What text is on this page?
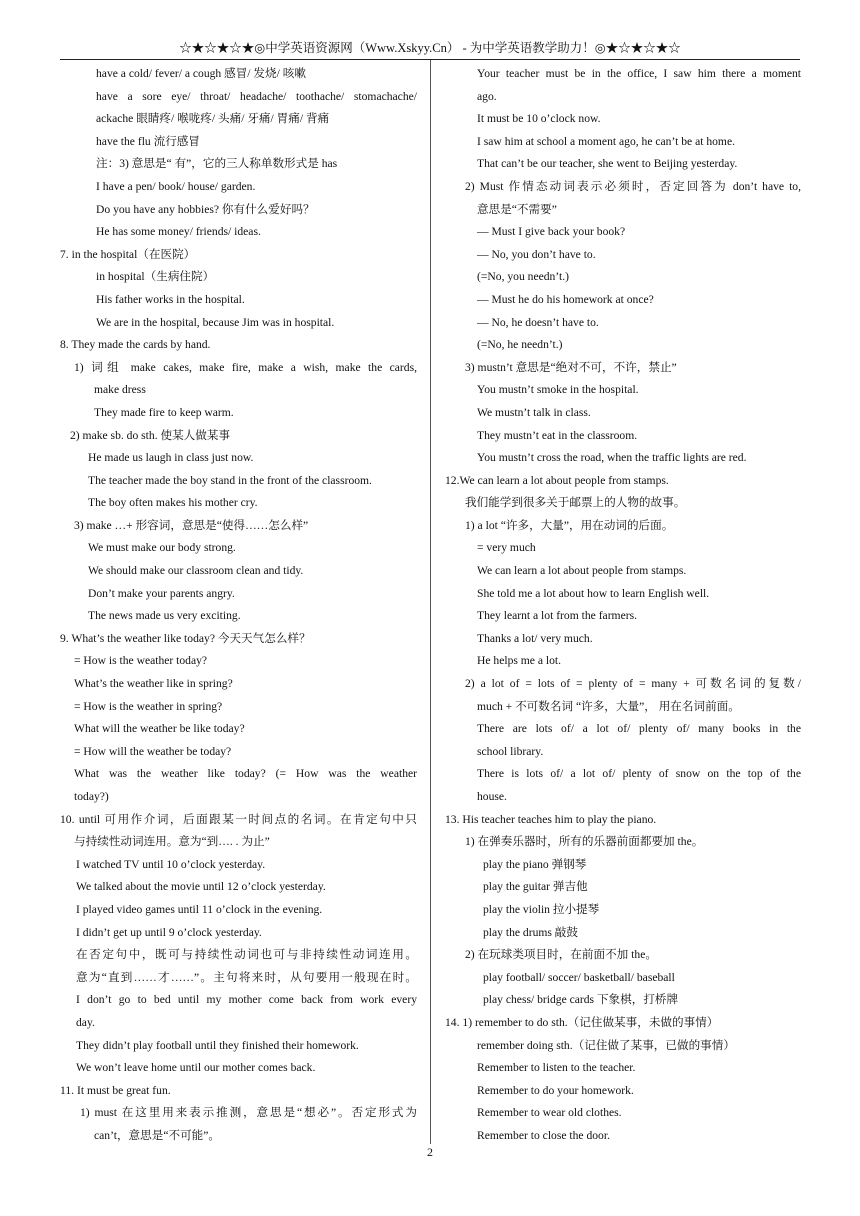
☆★☆★☆★◎中学英语资源网（Www.Xskyy.Cn） - 为中学英语教学助力！◎★☆★☆★☆
have a cold/ fever/ a cough 感冒/ 发烧/ 咳嗽
have a sore eye/ throat/ headache/ toothache/ stomachache/
ackache 眼睛疼/ 喉咙疼/ 头痛/ 牙痛/ 胃痛/ 背痛
have the flu 流行感冒
注：3) 意思是“ 有”，它的三人称单数形式是 has
I have a pen/ book/ house/ garden.
Do you have any hobbies? 你有什么爱好吗？
He has some money/ friends/ ideas.
7. in the hospital（在医院）
in hospital（生病住院）
His father works in the hospital.
We are in the hospital, because Jim was in hospital.
8. They made the cards by hand.
1) 词组 make cakes, make fire, make a wish, make the cards,
make dress
They made fire to keep warm.
2) make sb. do sth. 使某人做某事
He made us laugh in class just now.
The teacher made the boy stand in the front of the classroom.
The boy often makes his mother cry.
3) make …+ 形容词，意思是“使得……怎么样”
We must make our body strong.
We should make our classroom clean and tidy.
Don’t make your parents angry.
The news made us very exciting.
9. What’s the weather like today? 今天天气怎么样？
= How is the weather today?
What’s the weather like in spring?
= How is the weather in spring?
What will the weather be like today?
= How will the weather be today?
What was the weather like today? (= How was the weather
today?)
10. until 可用作介词，后面跟某一时间点的名词。在肯定句中只
与持续性动词连用。意为“到…. . 为止”
I watched TV until 10 o’clock yesterday.
We talked about the movie until 12 o’clock yesterday.
I played video games until 11 o’clock in the evening.
I didn’t get up until 9 o’clock yesterday.
在否定句中，既可与持续性动词也可与非持续性动词连用。
意为“直到……才……”。主句将来时，从句要用一般现在时。
I don’t go to bed until my mother come back from work every
day.
They didn’t play football until they finished their homework.
We won’t leave home until our mother comes back.
11. It must be great fun.
1) must 在这里用来表示推测，意思是“想必”。否定形式为
can’t，意思是“不可能”。
Your teacher must be in the office, I saw him there a moment
ago.
It must be 10 o’clock now.
I saw him at school a moment ago, he can’t be at home.
That can’t be our teacher, she went to Beijing yesterday.
2) Must 作情态动词表示必须时，否定回答为 don’t have to,
意思是“不需要”
— Must I give back your book?
— No, you don’t have to.
(=No, you needn’t.)
— Must he do his homework at once?
— No, he doesn’t have to.
(=No, he needn’t.)
3) mustn’t 意思是“绝对不可，不许，禁止”
You mustn’t smoke in the hospital.
We mustn’t talk in class.
They mustn’t eat in the classroom.
You mustn’t cross the road, when the traffic lights are red.
12.We can learn a lot about people from stamps.
我们能学到很多关于邮票上的人物的故事。
1) a lot “许多，大量”，用在动词的后面。
= very much
We can learn a lot about people from stamps.
She told me a lot about how to learn English well.
They learnt a lot from the farmers.
Thanks a lot/ very much.
He helps me a lot.
2) a lot of = lots of = plenty of = many + 可数名词的复数/
much + 不可数名词 “许多，大量”， 用在名词前面。
There are lots of/ a lot of/ plenty of/ many books in the
school library.
There is lots of/ a lot of/ plenty of snow on the top of the
house.
13. His teacher teaches him to play the piano.
1) 在弹奏乐器时，所有的乐器前面都要加 the。
play the piano 弹钢琴
play the guitar 弹吉他
play the violin 拉小提琴
play the drums 敲鼓
2) 在玩球类项目时，在前面不加 the。
play football/ soccer/ basketball/ baseball
play chess/ bridge cards 下象棋，打桥牌
14. 1) remember to do sth.（记住做某事，未做的事情）
remember doing sth.（记住做了某事，已做的事情）
Remember to listen to the teacher.
Remember to do your homework.
Remember to wear old clothes.
Remember to close the door.
2
